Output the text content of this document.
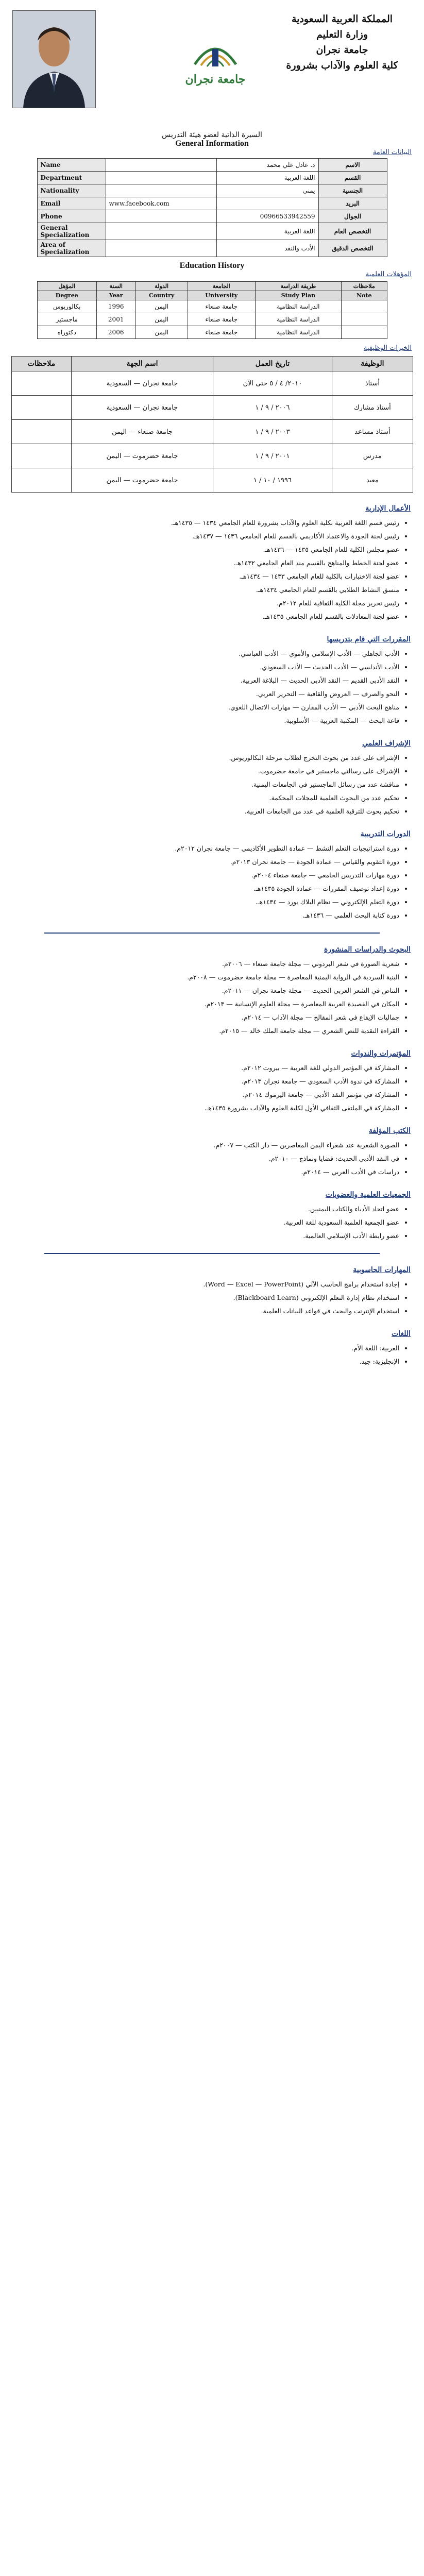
جامعة نجران
المملكة العربية السعودية
وزارة التعليم
جامعة نجران
كلية العلوم والآداب بشرورة
السيرة الذاتية لعضو هيئة التدريس
General Information
البيانات العامة
الاسم	د. عادل علي محمد		Name
القسم	اللغة العربية		Department
الجنسية	يمني		Nationality
البريد		www.facebook.com	Email
الجوال	00966533942559		Phone
التخصص العام	اللغة العربية		General Specialization
التخصص الدقيق	الأدب والنقد		Area of Specialization
Education History
المؤهلات العلمية
ملاحظات	طريقة الدراسة	الجامعة	الدولة	السنة	المؤهل
Note	Study Plan	University	Country	Year	Degree
	الدراسة النظامية	جامعة صنعاء	اليمن	1996	بكالوريوس
	الدراسة النظامية	جامعة صنعاء	اليمن	2001	ماجستير
	الدراسة النظامية	جامعة صنعاء	اليمن	2006	دكتوراه
الخبرات الوظيفية
الوظيفة	تاريخ العمل	اسم الجهة	ملاحظات
أستاذ	٢٠١٠/ ٤ / ٥ حتى الآن	جامعة نجران — السعودية	
أستاذ مشارك	٢٠٠٦ / ٩ / ١	جامعة نجران — السعودية	
أستاذ مساعد	٢٠٠٣ / ٩ / ١	جامعة صنعاء — اليمن	
مدرس	٢٠٠١ / ٩ / ١	جامعة حضرموت — اليمن	
معيد	١٩٩٦ / ١٠ / ١	جامعة حضرموت — اليمن	
الأعمال الإدارية
• رئيس قسم اللغة العربية بكلية العلوم والآداب بشرورة للعام الجامعي ١٤٣٤ — ١٤٣٥هـ.
• رئيس لجنة الجودة والاعتماد الأكاديمي بالقسم للعام الجامعي ١٤٣٦ — ١٤٣٧هـ.
• عضو مجلس الكلية للعام الجامعي ١٤٣٥ — ١٤٣٦هـ.
• عضو لجنة الخطط والمناهج بالقسم منذ العام الجامعي ١٤٣٢هـ.
• عضو لجنة الاختبارات بالكلية للعام الجامعي ١٤٣٣ — ١٤٣٤هـ.
• منسق النشاط الطلابي بالقسم للعام الجامعي ١٤٣٤هـ.
• رئيس تحرير مجلة الكلية الثقافية للعام ٢٠١٢م.
• عضو لجنة المعادلات بالقسم للعام الجامعي ١٤٣٥هـ.
المقررات التي قام بتدريسها
• الأدب الجاهلي — الأدب الإسلامي والأموي — الأدب العباسي.
• الأدب الأندلسي — الأدب الحديث — الأدب السعودي.
• النقد الأدبي القديم — النقد الأدبي الحديث — البلاغة العربية.
• النحو والصرف — العروض والقافية — التحرير العربي.
• مناهج البحث الأدبي — الأدب المقارن — مهارات الاتصال اللغوي.
• قاعة البحث — المكتبة العربية — الأسلوبية.
الإشراف العلمي
• الإشراف على عدد من بحوث التخرج لطلاب مرحلة البكالوريوس.
• الإشراف على رسالتي ماجستير في جامعة حضرموت.
• مناقشة عدد من رسائل الماجستير في الجامعات اليمنية.
• تحكيم عدد من البحوث العلمية للمجلات المحكمة.
• تحكيم بحوث للترقية العلمية في عدد من الجامعات العربية.
الدورات التدريبية
• دورة استراتيجيات التعلم النشط — عمادة التطوير الأكاديمي — جامعة نجران ٢٠١٢م.
• دورة التقويم والقياس — عمادة الجودة — جامعة نجران ٢٠١٣م.
• دورة مهارات التدريس الجامعي — جامعة صنعاء ٢٠٠٤م.
• دورة إعداد توصيف المقررات — عمادة الجودة ١٤٣٥هـ.
• دورة التعلم الإلكتروني — نظام البلاك بورد — ١٤٣٤هـ.
• دورة كتابة البحث العلمي — ١٤٣٦هـ.
البحوث والدراسات المنشورة
• شعرية الصورة في شعر البردوني — مجلة جامعة صنعاء — ٢٠٠٦م.
• البنية السردية في الرواية اليمنية المعاصرة — مجلة جامعة حضرموت — ٢٠٠٨م.
• التناص في الشعر العربي الحديث — مجلة جامعة نجران — ٢٠١١م.
• المكان في القصيدة العربية المعاصرة — مجلة العلوم الإنسانية — ٢٠١٣م.
• جماليات الإيقاع في شعر المقالح — مجلة الآداب — ٢٠١٤م.
• القراءة النقدية للنص الشعري — مجلة جامعة الملك خالد — ٢٠١٥م.
المؤتمرات والندوات
• المشاركة في المؤتمر الدولي للغة العربية — بيروت ٢٠١٢م.
• المشاركة في ندوة الأدب السعودي — جامعة نجران ٢٠١٣م.
• المشاركة في مؤتمر النقد الأدبي — جامعة اليرموك ٢٠١٤م.
• المشاركة في الملتقى الثقافي الأول لكلية العلوم والآداب بشرورة ١٤٣٥هـ.
الكتب المؤلفة
• الصورة الشعرية عند شعراء اليمن المعاصرين — دار الكتب — ٢٠٠٧م.
• في النقد الأدبي الحديث: قضايا ونماذج — ٢٠١٠م.
• دراسات في الأدب العربي — ٢٠١٤م.
الجمعيات العلمية والعضويات
• عضو اتحاد الأدباء والكتاب اليمنيين.
• عضو الجمعية العلمية السعودية للغة العربية.
• عضو رابطة الأدب الإسلامي العالمية.
المهارات الحاسوبية
• إجادة استخدام برامج الحاسب الآلي (Word — Excel — PowerPoint).
• استخدام نظام إدارة التعلم الإلكتروني (Blackboard Learn).
• استخدام الإنترنت والبحث في قواعد البيانات العلمية.
اللغات
• العربية: اللغة الأم.
• الإنجليزية: جيد.
